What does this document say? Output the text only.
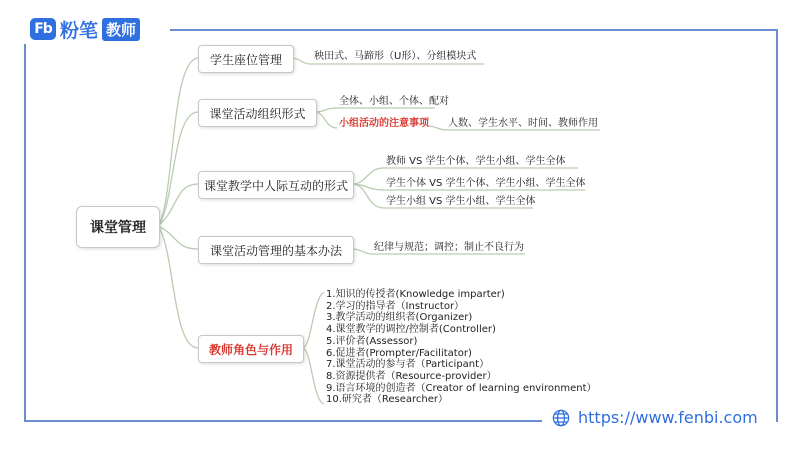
Fb 粉笔 教师
课堂管理
学生座位管理	秧田式、马蹄形（U形）、分组模块式
课堂活动组织形式
全体、小组、个体、配对
小组活动的注意事项 人数、学生水平、时间、教师作用
课堂教学中人际互动的形式
教师 VS 学生个体、学生小组、学生全体
学生个体 VS 学生个体、学生小组、学生全体
学生小组 VS 学生小组、学生全体
课堂活动管理的基本办法	纪律与规范；调控；制止不良行为
教师角色与作用
1.知识的传授者(Knowledge imparter)
2.学习的指导者（Instructor）
3.教学活动的组织者(Organizer)
4.课堂教学的调控/控制者(Controller)
5.评价者(Assessor)
6.促进者(Prompter/Facilitator)
7.课堂活动的参与者（Participant）
8.资源提供者（Resource-provider）
9.语言环境的创造者（Creator of learning environment）
10.研究者（Researcher）
https://www.fenbi.com
